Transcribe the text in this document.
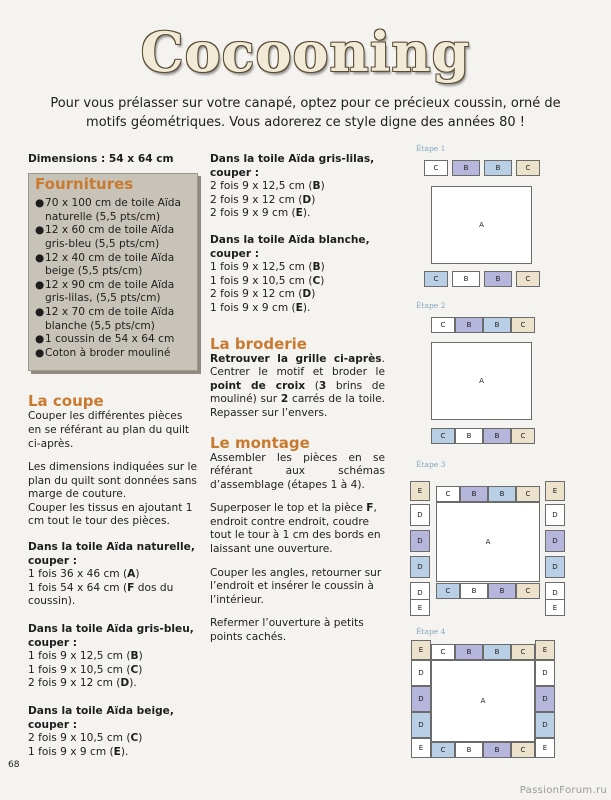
Cocooning
Pour vous prélasser sur votre canapé, optez pour ce précieux coussin, orné de motifs géométriques. Vous adorerez ce style digne des années 80 !
Dimensions : 54 x 64 cm
Fournitures
● 70 x 100 cm de toile Aïda naturelle (5,5 pts/cm)
● 12 x 60 cm de toile Aïda gris-bleu (5,5 pts/cm)
● 12 x 40 cm de toile Aïda beige (5,5 pts/cm)
● 12 x 90 cm de toile Aïda gris-lilas, (5,5 pts/cm)
● 12 x 70 cm de toile Aïda blanche (5,5 pts/cm)
● 1 coussin de 54 x 64 cm
● Coton à broder mouliné
La coupe

Couper les différentes pièces en se référant au plan du quilt ci-après.

Les dimensions indiquées sur le plan du quilt sont données sans marge de couture.

Couper les tissus en ajoutant 1 cm tout le tour des pièces.

Dans la toile Aïda naturelle, couper :
1 fois 36 x 46 cm (A)
1 fois 54 x 64 cm (F dos du coussin).
Dans la toile Aïda gris-bleu, couper :
1 fois 9 x 12,5 cm (B)
1 fois 9 x 10,5 cm (C)
2 fois 9 x 12 cm (D).
Dans la toile Aïda beige, couper :
2 fois 9 x 10,5 cm (C)
1 fois 9 x 9 cm (E).
Dans la toile Aïda gris-lilas, couper :
2 fois 9 x 12,5 cm (B)
2 fois 9 x 12 cm (D)
2 fois 9 x 9 cm (E).
Dans la toile Aïda blanche, couper :
1 fois 9 x 12,5 cm (B)
1 fois 9 x 10,5 cm (C)
2 fois 9 x 12 cm (D)
1 fois 9 x 9 cm (E).
La broderie

Retrouver la grille ci-après. Centrer le motif et broder le point de croix (3 brins de mouliné) sur 2 carrés de la toile. Repasser sur l’envers.

Le montage

Assembler les pièces en se référant aux schémas d’assemblage (étapes 1 à 4).

Superposer le top et la pièce F, endroit contre endroit, coudre tout le tour à 1 cm des bords en laissant une ouverture.

Couper les angles, retourner sur l’endroit et insérer le coussin à l’intérieur.

Refermer l’ouverture à petits points cachés.

Étape 1
Étape 2
Étape 3
Étape 4
C	B	B	C
A
C	B	B	C
C	B	B	C
A
C	B	B	C
E
D
D
D
D
E
C	B	B	C
A
C	B	B	C
E
D
D
D
D
E
E
D
D
D
E
C	B	B	C
A
C	B	B	C
E
D
D
D
E
68
PassionForum.ru
